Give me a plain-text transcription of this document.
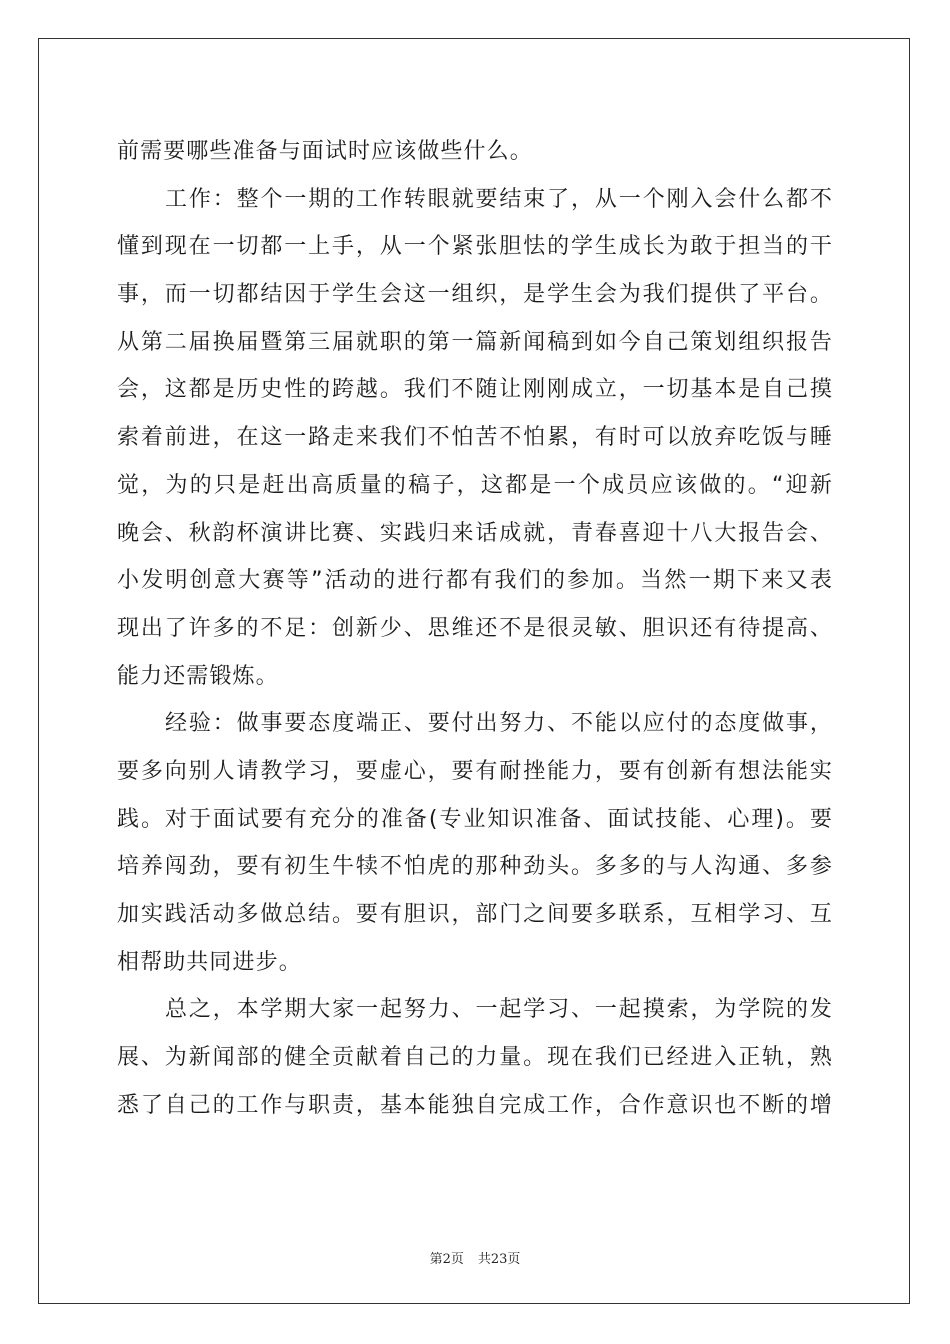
前需要哪些准备与面试时应该做些什么。
工作：整个一期的工作转眼就要结束了，从一个刚入会什么都不
懂到现在一切都一上手，从一个紧张胆怯的学生成长为敢于担当的干
事，而一切都结因于学生会这一组织，是学生会为我们提供了平台。
从第二届换届暨第三届就职的第一篇新闻稿到如今自己策划组织报告
会，这都是历史性的跨越。我们不随让刚刚成立，一切基本是自己摸
索着前进，在这一路走来我们不怕苦不怕累，有时可以放弃吃饭与睡
觉，为的只是赶出高质量的稿子，这都是一个成员应该做的。“迎新
晚会、秋韵杯演讲比赛、实践归来话成就，青春喜迎十八大报告会、
小发明创意大赛等”活动的进行都有我们的参加。当然一期下来又表
现出了许多的不足：创新少、思维还不是很灵敏、胆识还有待提高、
能力还需锻炼。
经验：做事要态度端正、要付出努力、不能以应付的态度做事，
要多向别人请教学习，要虚心，要有耐挫能力，要有创新有想法能实
践。对于面试要有充分的准备(专业知识准备、面试技能、心理)。要
培养闯劲，要有初生牛犊不怕虎的那种劲头。多多的与人沟通、多参
加实践活动多做总结。要有胆识，部门之间要多联系，互相学习、互
相帮助共同进步。
总之，本学期大家一起努力、一起学习、一起摸索，为学院的发
展、为新闻部的健全贡献着自己的力量。现在我们已经进入正轨，熟
悉了自己的工作与职责，基本能独自完成工作，合作意识也不断的增
第2页 共23页
